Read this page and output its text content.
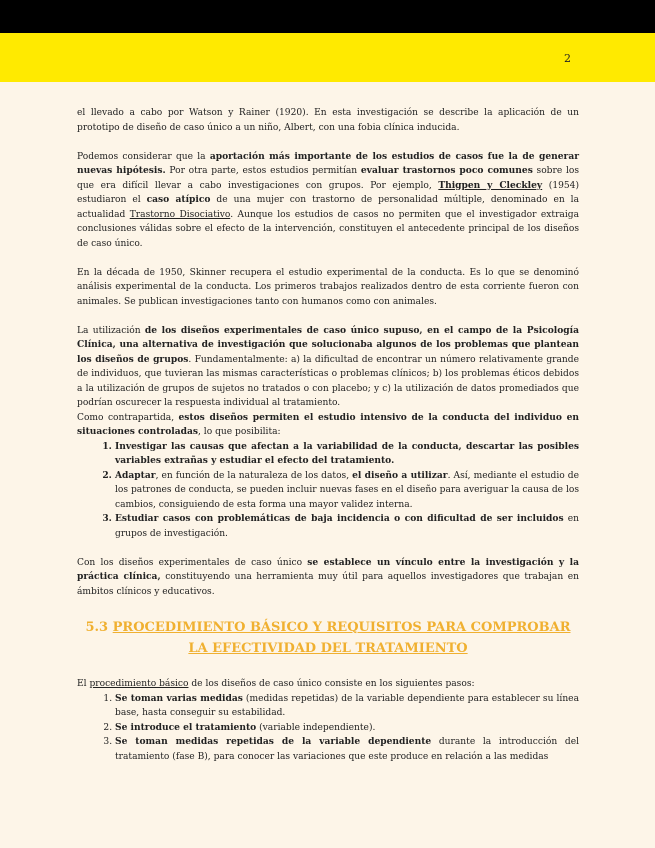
2

el llevado a cabo por Watson y Rainer (1920). En esta investigación se describe la aplicación de un prototipo de diseño de caso único a un niño, Albert, con una fobia clínica inducida.

Podemos considerar que la aportación más importante de los estudios de casos fue la de generar nuevas hipótesis. Por otra parte, estos estudios permitían evaluar trastornos poco comunes sobre los que era difícil llevar a cabo investigaciones con grupos. Por ejemplo, Thigpen y Cleckley (1954) estudiaron el caso atípico de una mujer con trastorno de personalidad múltiple, denominado en la actualidad Trastorno Disociativo. Aunque los estudios de casos no permiten que el investigador extraiga conclusiones válidas sobre el efecto de la intervención, constituyen el antecedente principal de los diseños de caso único.

En la década de 1950, Skinner recupera el estudio experimental de la conducta. Es lo que se denominó análisis experimental de la conducta. Los primeros trabajos realizados dentro de esta corriente fueron con animales. Se publican investigaciones tanto con humanos como con animales.

La utilización de los diseños experimentales de caso único supuso, en el campo de la Psicología Clínica, una alternativa de investigación que solucionaba algunos de los problemas que plantean los diseños de grupos. Fundamentalmente: a) la dificultad de encontrar un número relativamente grande de individuos, que tuvieran las mismas características o problemas clínicos; b) los problemas éticos debidos a la utilización de grupos de sujetos no tratados o con placebo; y c) la utilización de datos promediados que podrían oscurecer la respuesta individual al tratamiento.

Como contrapartida, estos diseños permiten el estudio intensivo de la conducta del individuo en situaciones controladas, lo que posibilita:

1. Investigar las causas que afectan a la variabilidad de la conducta, descartar las posibles variables extrañas y estudiar el efecto del tratamiento.
2. Adaptar, en función de la naturaleza de los datos, el diseño a utilizar. Así, mediante el estudio de los patrones de conducta, se pueden incluir nuevas fases en el diseño para averiguar la causa de los cambios, consiguiendo de esta forma una mayor validez interna.
3. Estudiar casos con problemáticas de baja incidencia o con dificultad de ser incluidos en grupos de investigación.

Con los diseños experimentales de caso único se establece un vínculo entre la investigación y la práctica clínica, constituyendo una herramienta muy útil para aquellos investigadores que trabajan en ámbitos clínicos y educativos.

5.3 PROCEDIMIENTO BÁSICO Y REQUISITOS PARA COMPROBAR LA EFECTIVIDAD DEL TRATAMIENTO

El procedimiento básico de los diseños de caso único consiste en los siguientes pasos:

1. Se toman varias medidas (medidas repetidas) de la variable dependiente para establecer su línea base, hasta conseguir su estabilidad.
2. Se introduce el tratamiento (variable independiente).
3. Se toman medidas repetidas de la variable dependiente durante la introducción del tratamiento (fase B), para conocer las variaciones que este produce en relación a las medidas
